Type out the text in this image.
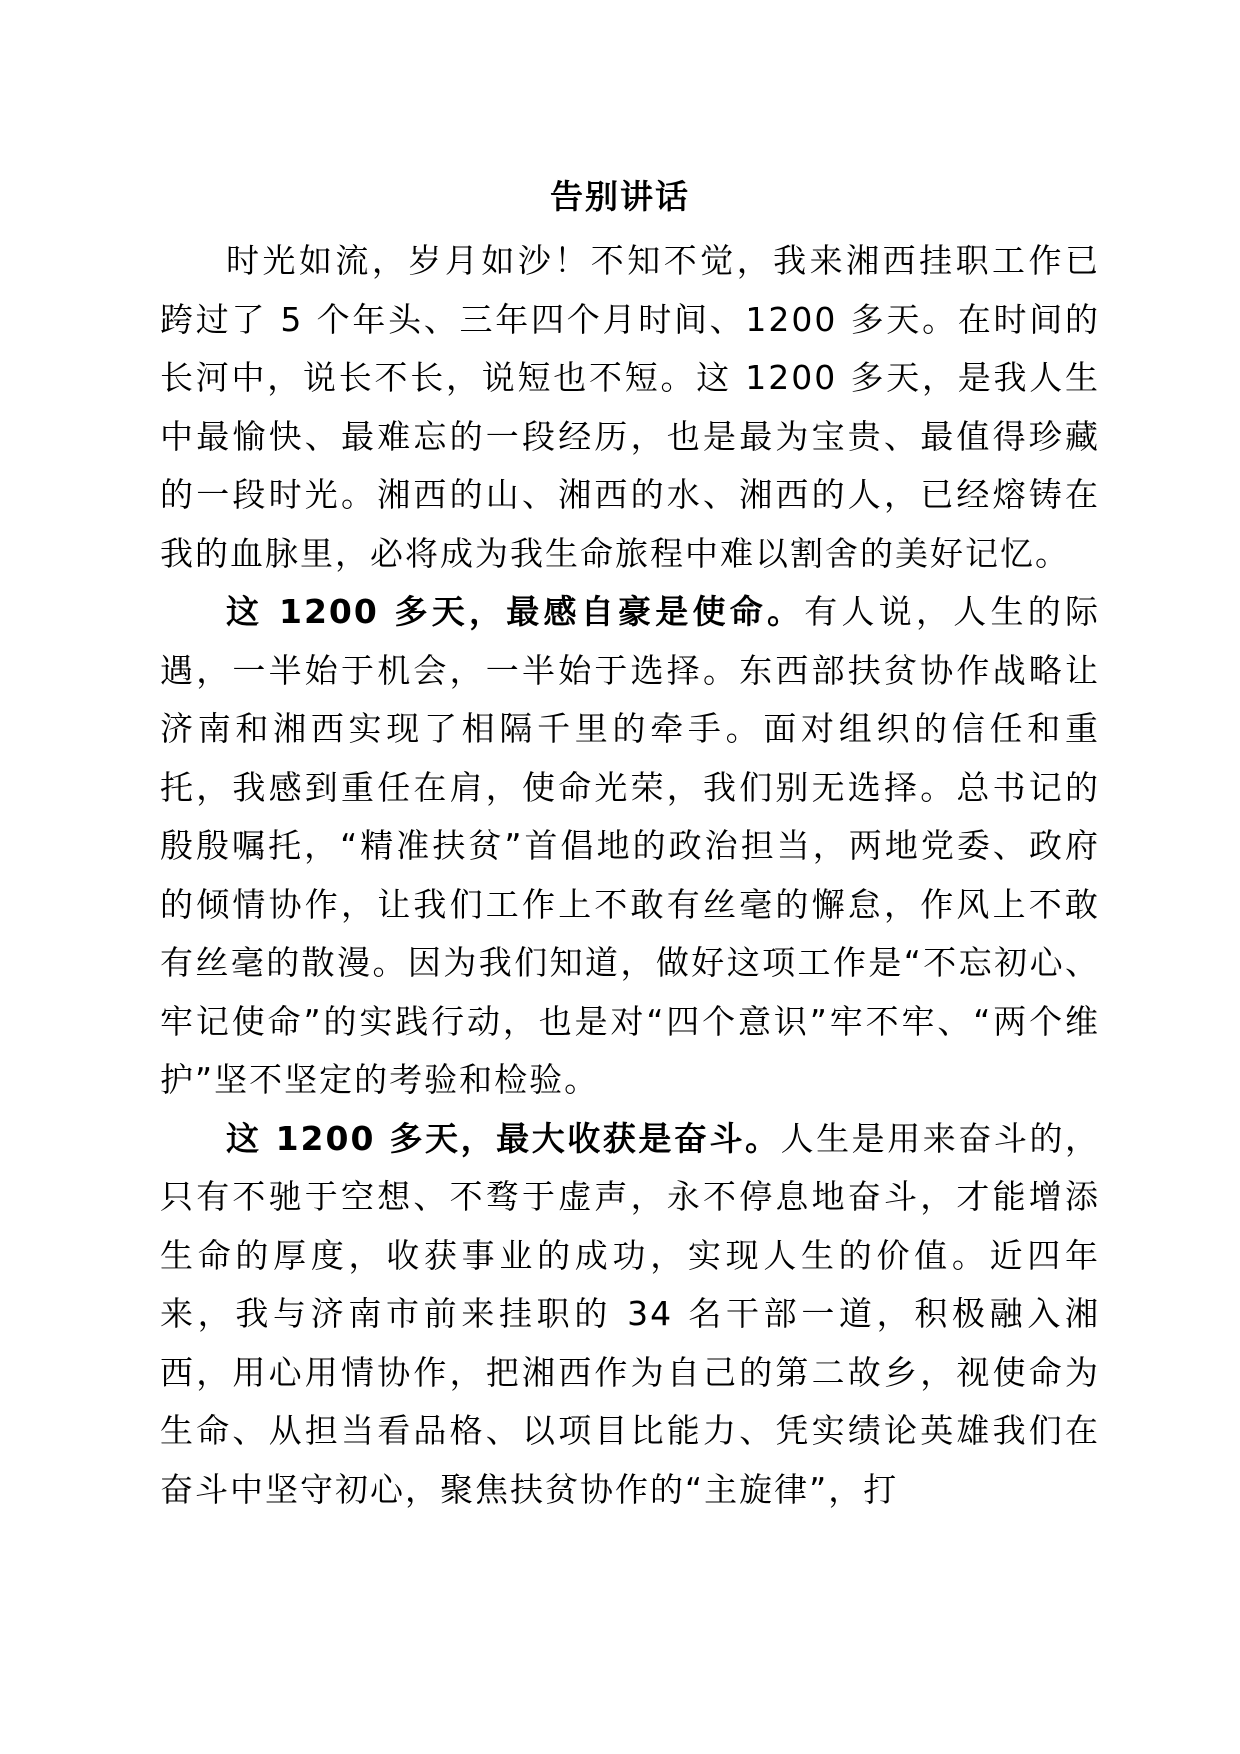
告别讲话

时光如流，岁月如沙！不知不觉，我来湘西挂职工作已跨过了 5 个年头、三年四个月时间、1200 多天。在时间的长河中，说长不长，说短也不短。这 1200 多天，是我人生中最愉快、最难忘的一段经历，也是最为宝贵、最值得珍藏的一段时光。湘西的山、湘西的水、湘西的人，已经熔铸在我的血脉里，必将成为我生命旅程中难以割舍的美好记忆。

这 1200 多天，最感自豪是使命。有人说，人生的际遇，一半始于机会，一半始于选择。东西部扶贫协作战略让济南和湘西实现了相隔千里的牵手。面对组织的信任和重托，我感到重任在肩，使命光荣，我们别无选择。总书记的殷殷嘱托，“精准扶贫”首倡地的政治担当，两地党委、政府的倾情协作，让我们工作上不敢有丝毫的懈怠，作风上不敢有丝毫的散漫。因为我们知道，做好这项工作是“不忘初心、牢记使命”的实践行动，也是对“四个意识”牢不牢、“两个维护”坚不坚定的考验和检验。

这 1200 多天，最大收获是奋斗。人生是用来奋斗的，只有不驰于空想、不骛于虚声，永不停息地奋斗，才能增添生命的厚度，收获事业的成功，实现人生的价值。近四年来，我与济南市前来挂职的 34 名干部一道，积极融入湘西，用心用情协作，把湘西作为自己的第二故乡，视使命为生命、从担当看品格、以项目比能力、凭实绩论英雄我们在奋斗中坚守初心，聚焦扶贫协作的“主旋律”，打
